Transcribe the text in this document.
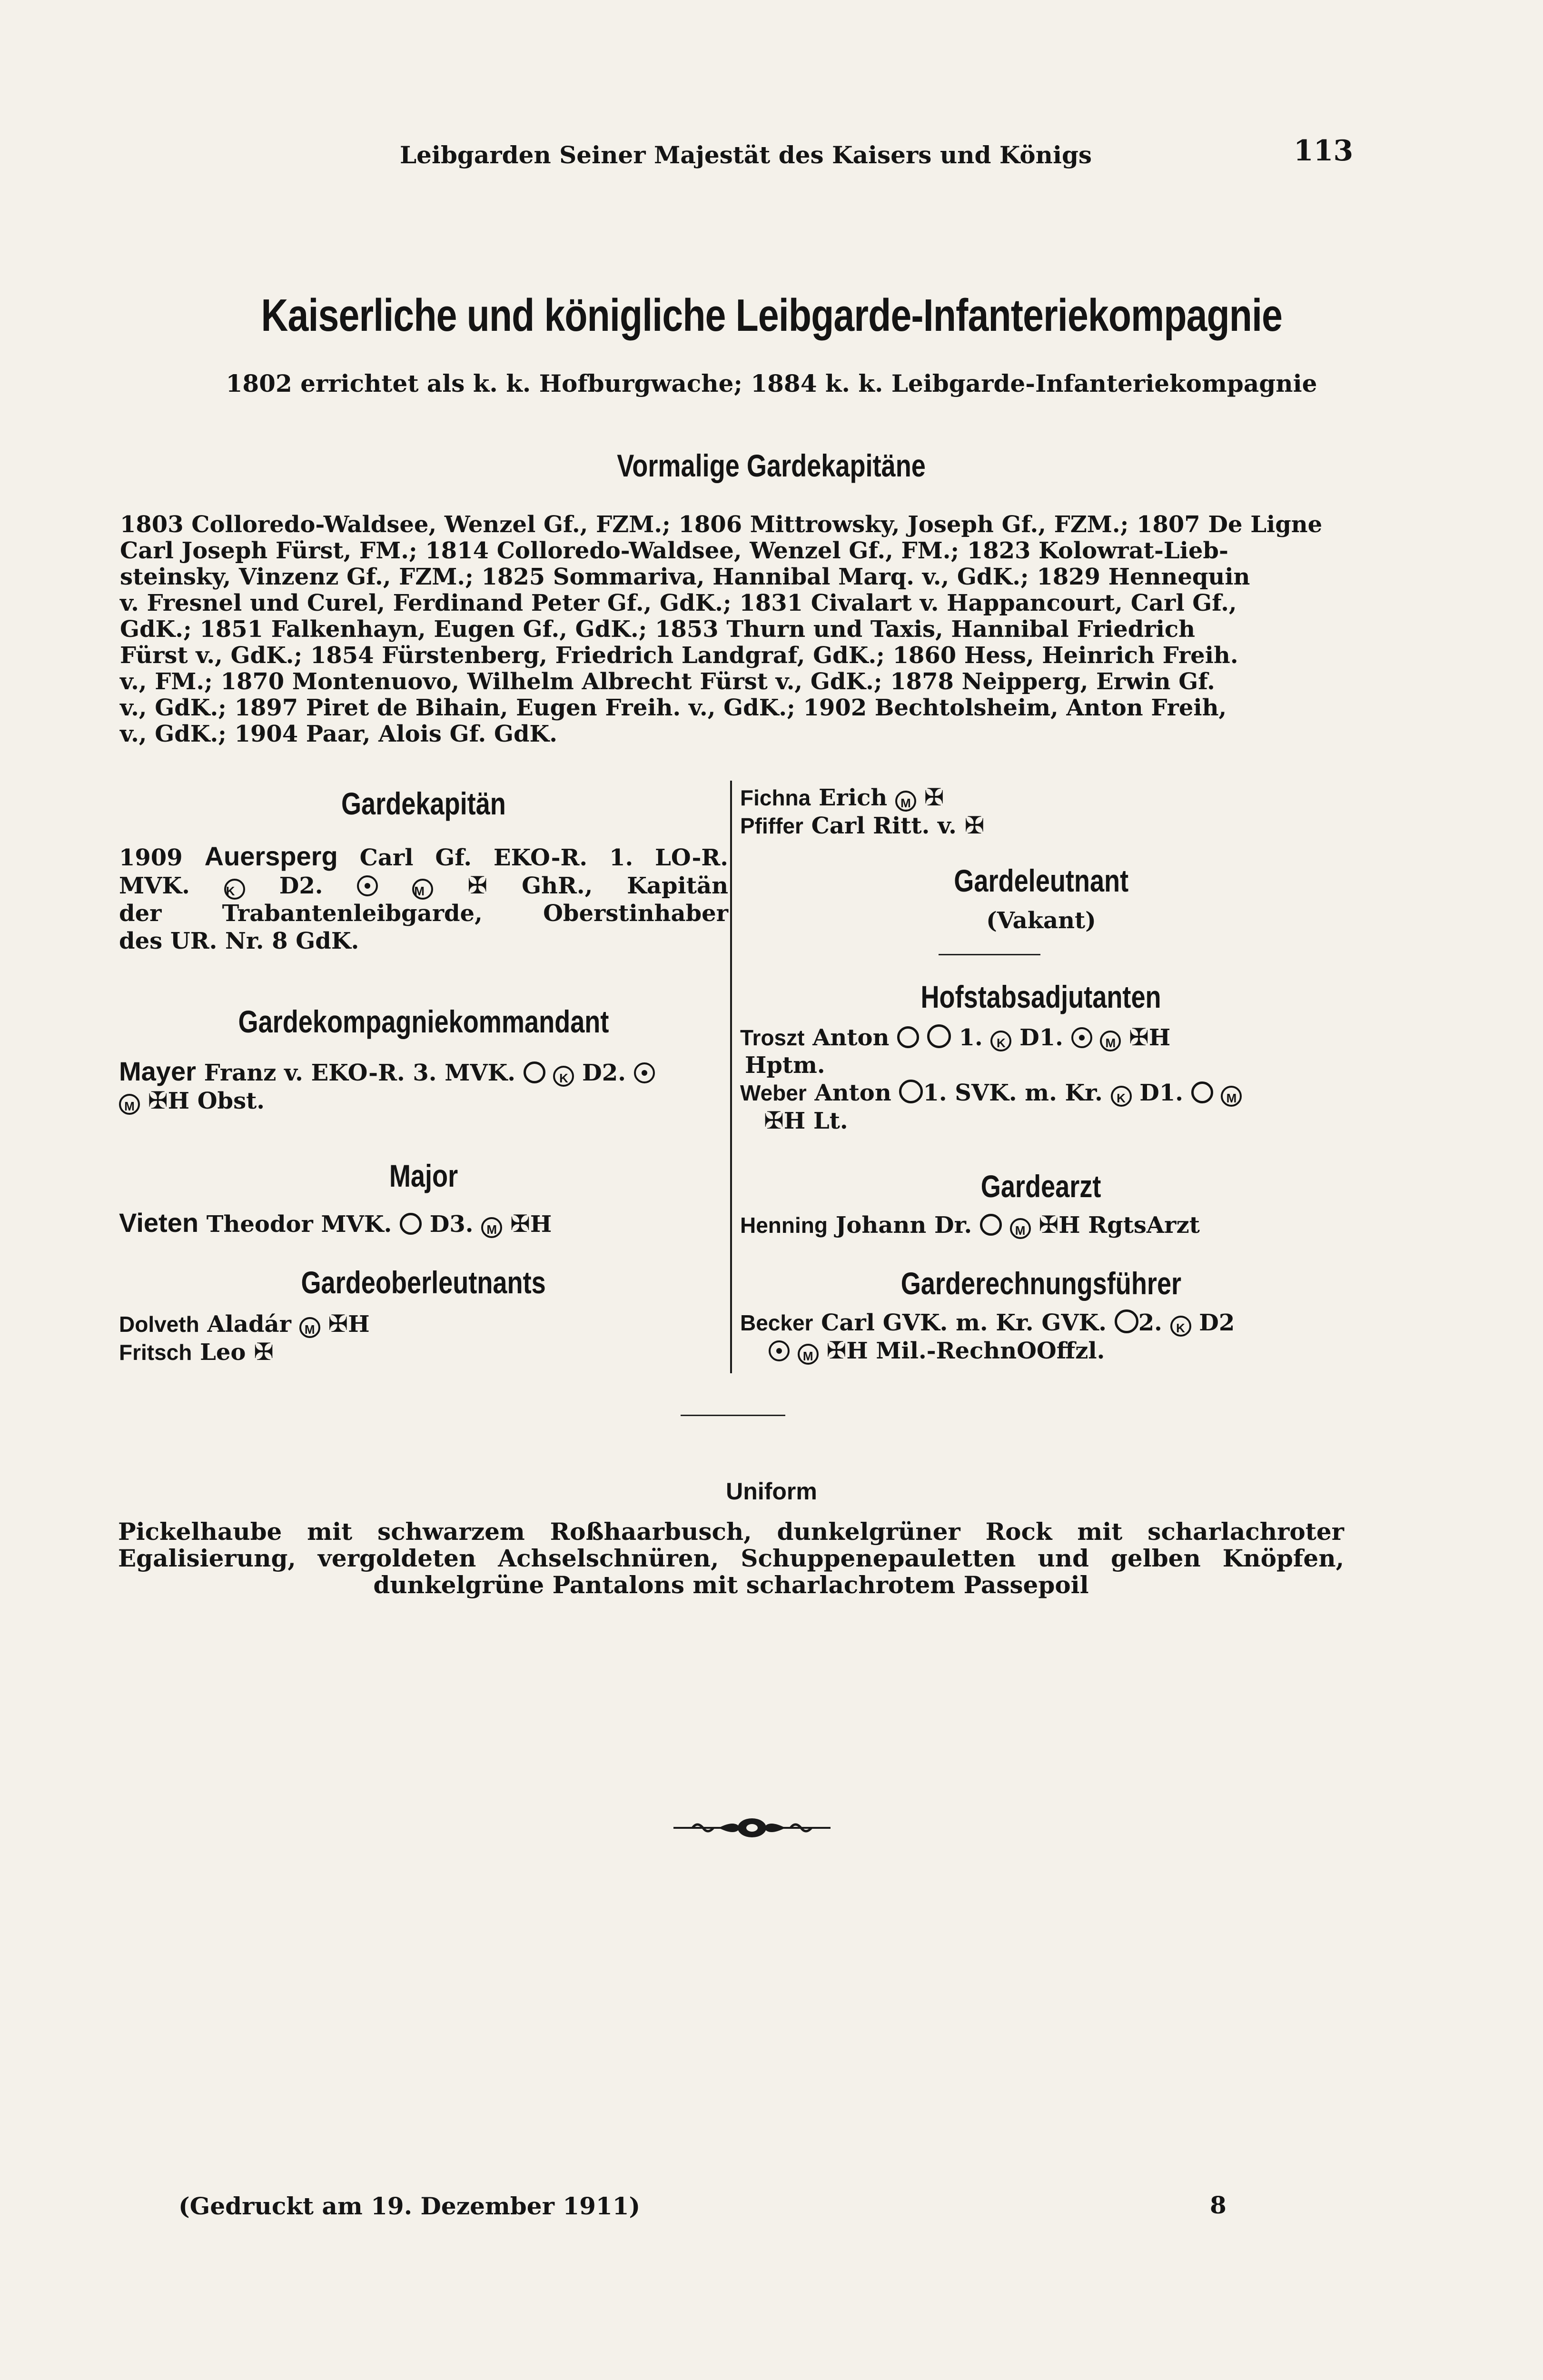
Leibgarden Seiner Majestät des Kaisers und Königs	113
Kaiserliche und königliche Leibgarde-Infanteriekompagnie
1802 errichtet als k. k. Hofburgwache; 1884 k. k. Leibgarde-Infanteriekompagnie
Vormalige Gardekapitäne
1803 Colloredo-Waldsee, Wenzel Gf., FZM.; 1806 Mittrowsky, Joseph Gf., FZM.; 1807 De Ligne
Carl Joseph Fürst, FM.; 1814 Colloredo-Waldsee, Wenzel Gf., FM.; 1823 Kolowrat-Lieb-
steinsky, Vinzenz Gf., FZM.; 1825 Sommariva, Hannibal Marq. v., GdK.; 1829 Hennequin
v. Fresnel und Curel, Ferdinand Peter Gf., GdK.; 1831 Civalart v. Happancourt, Carl Gf.,
GdK.; 1851 Falkenhayn, Eugen Gf., GdK.; 1853 Thurn und Taxis, Hannibal Friedrich
Fürst v., GdK.; 1854 Fürstenberg, Friedrich Landgraf, GdK.; 1860 Hess, Heinrich Freih.
v., FM.; 1870 Montenuovo, Wilhelm Albrecht Fürst v., GdK.; 1878 Neipperg, Erwin Gf.
v., GdK.; 1897 Piret de Bihain, Eugen Freih. v., GdK.; 1902 Bechtolsheim, Anton Freih,
v., GdK.; 1904 Paar, Alois Gf. GdK.
Gardekapitän
1909 Auersperg Carl Gf. EKO-R. 1. LO-R.
MVK.	K D2.	M ✠ GhR., Kapitän
der Trabantenleibgarde, Oberstinhaber
des UR. Nr. 8 GdK.
Gardekompagniekommandant
Mayer Franz v. EKO-R. 3. MVK.	K D2.
M ✠H Obst.
Major
Vieten Theodor MVK. D3. M ✠H
Gardeoberleutnants
Dolveth Aladár M ✠H
Fritsch Leo ✠
Fichna Erich M ✠
Pfiffer Carl Ritt. v. ✠
Gardeleutnant
(Vakant)
Hofstabsadjutanten
Troszt Anton	1. K D1.	M ✠H
Hptm.
Weber Anton 1. SVK. m. Kr. K D1.	M
✠H Lt.
Gardearzt
Henning Johann Dr.	M ✠H RgtsArzt
Garderechnungsführer
Becker Carl GVK. m. Kr. GVK. 2. K D2
M ✠H Mil.-RechnOOffzl.
Uniform
Pickelhaube mit schwarzem Roßhaarbusch, dunkelgrüner Rock mit scharlachroter Egalisierung, vergoldeten Achselschnüren, Schuppenepauletten und gelben Knöpfen, dunkelgrüne Pantalons mit scharlachrotem Passepoil
(Gedruckt am 19. Dezember 1911)	8
